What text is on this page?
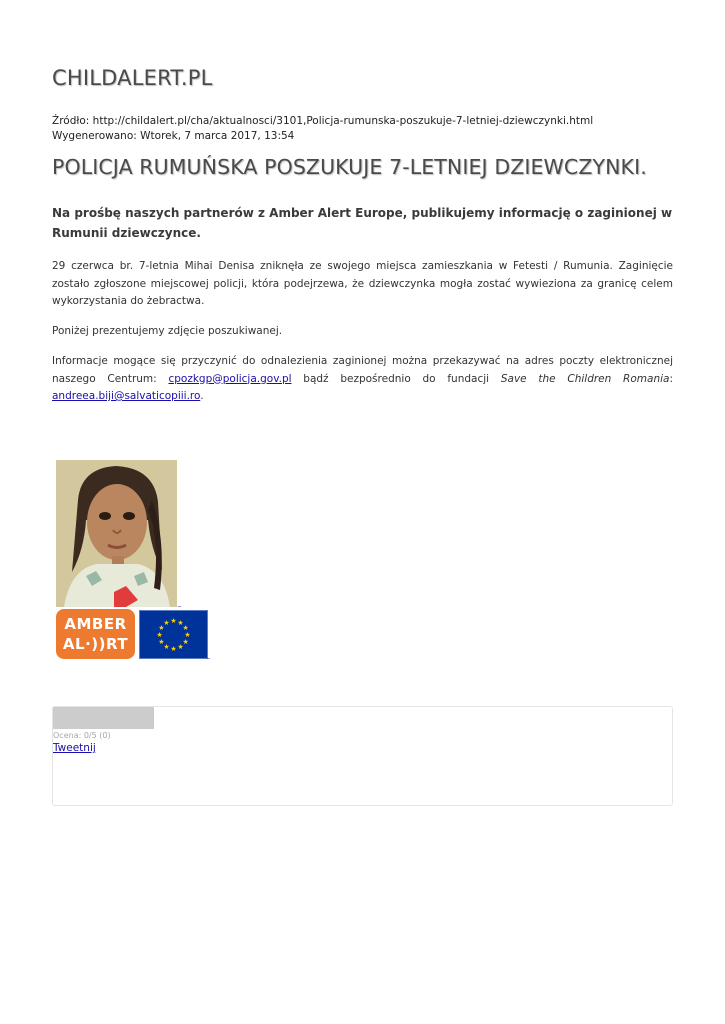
CHILDALERT.PL
Źródło: http://childalert.pl/cha/aktualnosci/3101,Policja-rumunska-poszukuje-7-letniej-dziewczynki.html
Wygenerowano: Wtorek, 7 marca 2017, 13:54
POLICJA RUMUŃSKA POSZUKUJE 7-LETNIEJ DZIEWCZYNKI.

Na prośbę naszych partnerów z Amber Alert Europe, publikujemy informację o zaginionej w Rumunii dziewczynce.

29 czerwca br. 7-letnia Mihai Denisa zniknęła ze swojego miejsca zamieszkania w Fetesti / Rumunia. Zaginięcie zostało zgłoszone miejscowej policji, która podejrzewa, że dziewczynka mogła zostać wywieziona za granicę celem wykorzystania do żebractwa.

Poniżej prezentujemy zdjęcie poszukiwanej.

Informacje mogące się przyczynić do odnalezienia zaginionej można przekazywać na adres poczty elektronicznej naszego Centrum: cpozkgp@policja.gov.pl bądź bezpośrednio do fundacji Save the Children Romania: andreea.biji@salvaticopiii.ro.

_
AMBER
AL·))RT
★ ★
★
★
★
★
★
★
★
★
★
★
_
Ocena: 0/5 (0)
Tweetnij
